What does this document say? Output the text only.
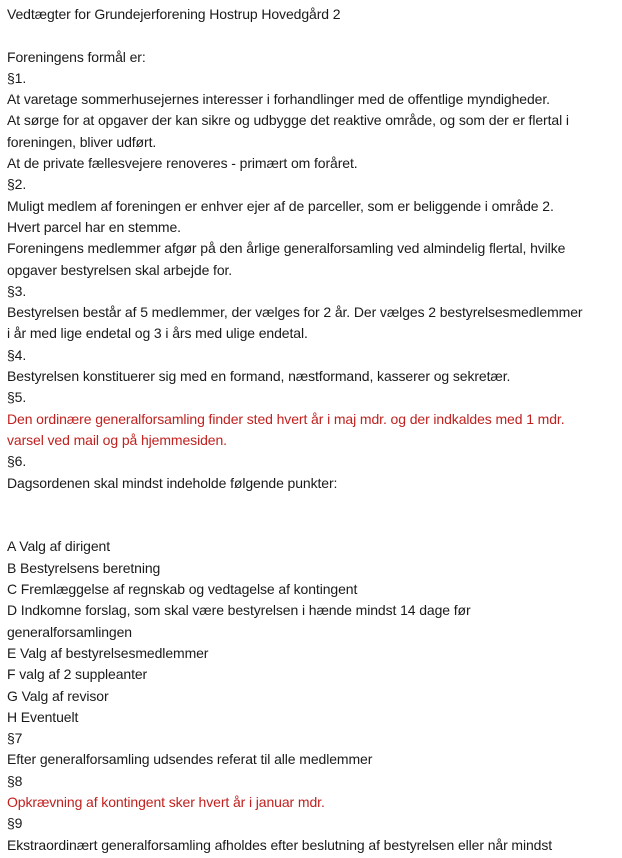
Vedtægter for Grundejerforening Hostrup Hovedgård 2
Foreningens formål er:
§1.
At varetage sommerhusejernes interesser i forhandlinger med de offentlige myndigheder.
At sørge for at opgaver der kan sikre og udbygge det reaktive område, og som der er flertal i
foreningen, bliver udført.
At de private fællesvejere renoveres - primært om foråret.
§2.
Muligt medlem af foreningen er enhver ejer af de parceller, som er beliggende i område 2.
Hvert parcel har en stemme.
Foreningens medlemmer afgør på den årlige generalforsamling ved almindelig flertal, hvilke
opgaver bestyrelsen skal arbejde for.
§3.
Bestyrelsen består af 5 medlemmer, der vælges for 2 år. Der vælges 2 bestyrelsesmedlemmer
i år med lige endetal og 3 i års med ulige endetal.
§4.
Bestyrelsen konstituerer sig med en formand, næstformand, kasserer og sekretær.
§5.
Den ordinære generalforsamling finder sted hvert år i maj mdr. og der indkaldes med 1 mdr.
varsel ved mail og på hjemmesiden.
§6.
Dagsordenen skal mindst indeholde følgende punkter:
A Valg af dirigent
B Bestyrelsens beretning
C Fremlæggelse af regnskab og vedtagelse af kontingent
D Indkomne forslag, som skal være bestyrelsen i hænde mindst 14 dage før
generalforsamlingen
E Valg af bestyrelsesmedlemmer
F valg af 2 suppleanter
G Valg af revisor
H Eventuelt
§7
Efter generalforsamling udsendes referat til alle medlemmer
§8
Opkrævning af kontingent sker hvert år i januar mdr.
§9
Ekstraordinært generalforsamling afholdes efter beslutning af bestyrelsen eller når mindst
